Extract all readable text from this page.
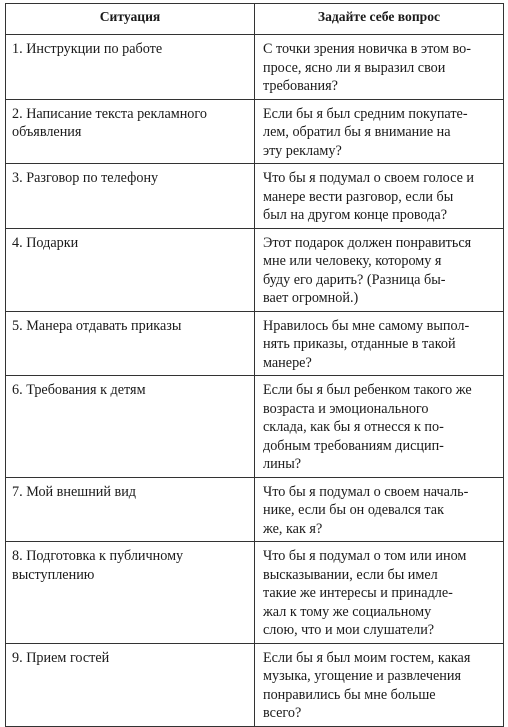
Ситуация	Задайте себе вопрос

1. Инструкции по работе	С точки зрения новичка в этом во-
просе, ясно ли я выразил свои
требования?

2. Написание текста рекламного
объявления	Если бы я был средним покупате-
лем, обратил бы я внимание на
эту рекламу?

3. Разговор по телефону	Что бы я подумал о своем голосе и
манере вести разговор, если бы
был на другом конце провода?

4. Подарки	Этот подарок должен понравиться
мне или человеку, которому я
буду его дарить? (Разница бы-
вает огромной.)

5. Манера отдавать приказы	Нравилось бы мне самому выпол-
нять приказы, отданные в такой
манере?

6. Требования к детям	Если бы я был ребенком такого же
возраста и эмоционального
склада, как бы я отнесся к по-
добным требованиям дисцип-
лины?

7. Мой внешний вид	Что бы я подумал о своем началь-
нике, если бы он одевался так
же, как я?

8. Подготовка к публичному
выступлению	Что бы я подумал о том или ином
высказывании, если бы имел
такие же интересы и принадле-
жал к тому же социальному
слою, что и мои слушатели?

9. Прием гостей	Если бы я был моим гостем, какая
музыка, угощение и развлечения
понравились бы мне больше
всего?
